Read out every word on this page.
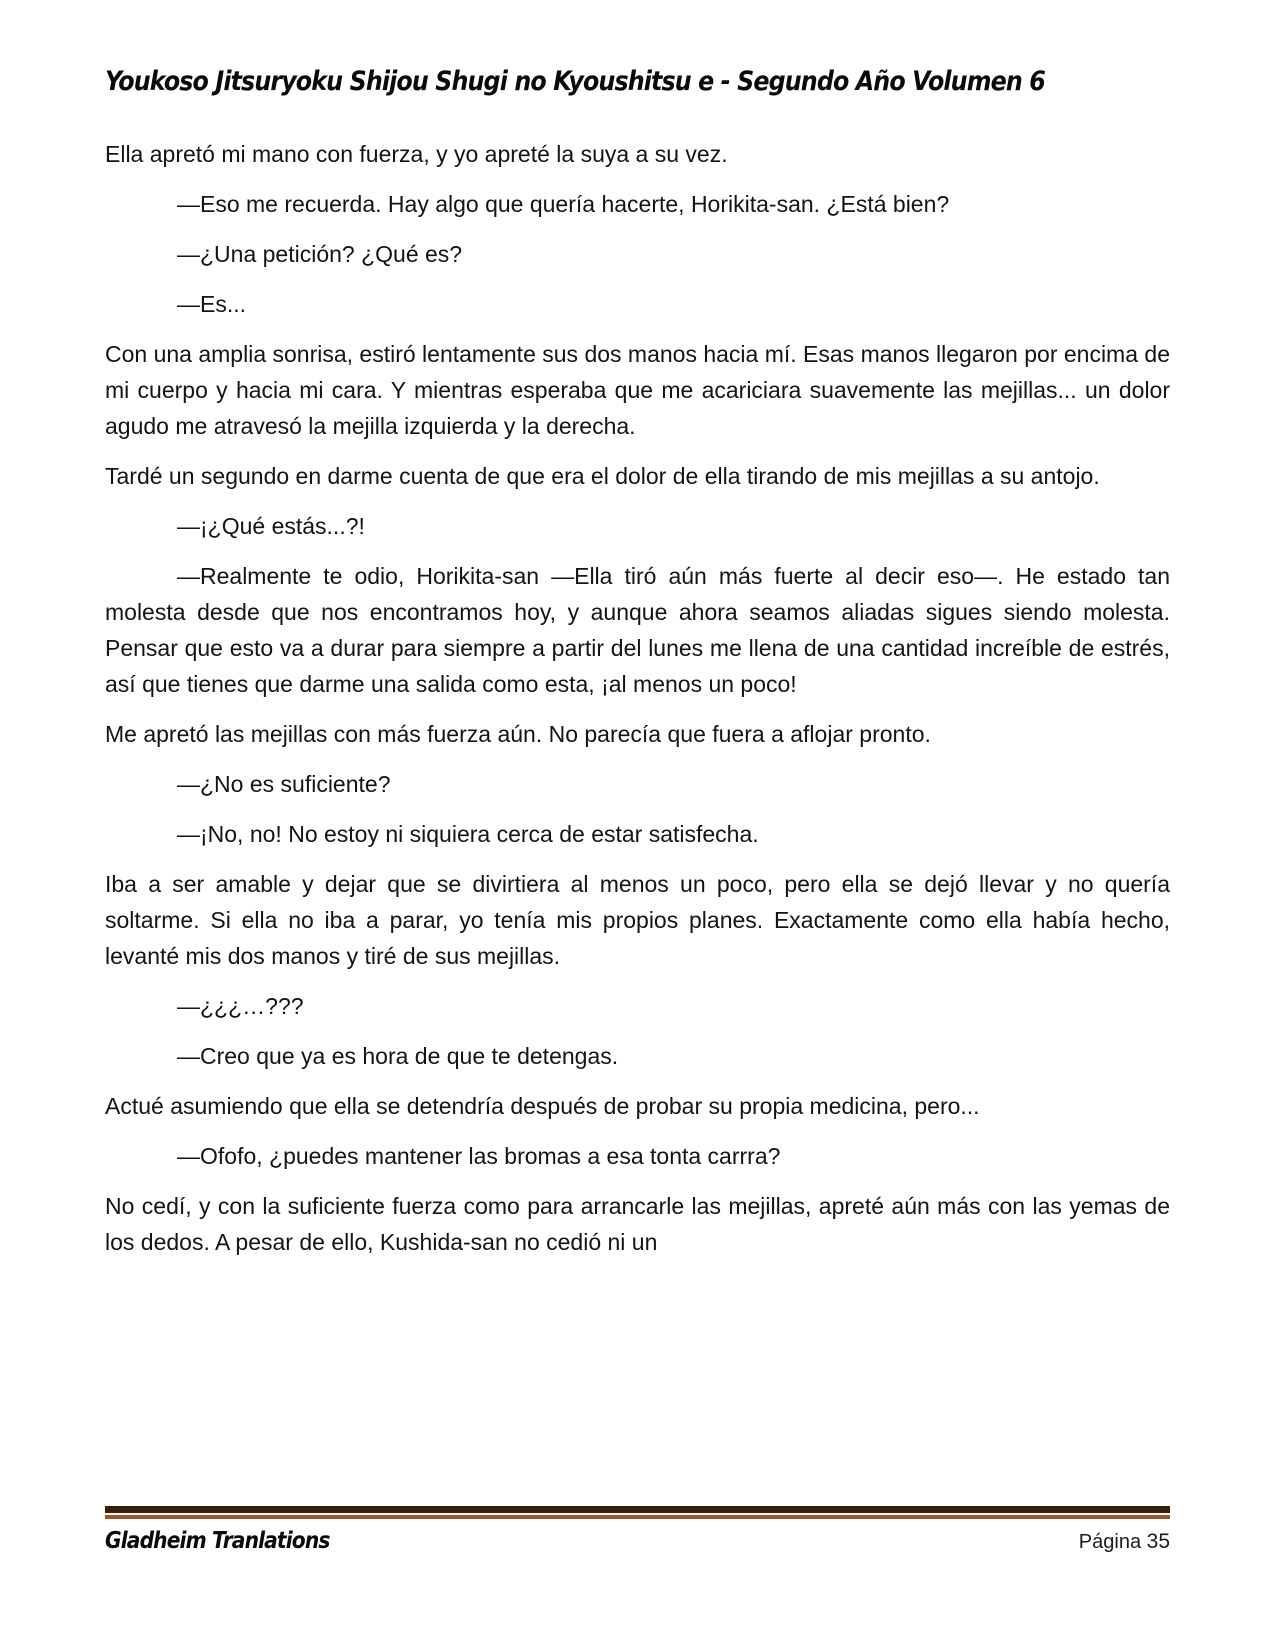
Youkoso Jitsuryoku Shijou Shugi no Kyoushitsu e - Segundo Año Volumen 6

Ella apretó mi mano con fuerza, y yo apreté la suya a su vez.

—Eso me recuerda. Hay algo que quería hacerte, Horikita-san. ¿Está bien?

—¿Una petición? ¿Qué es?

—Es...

Con una amplia sonrisa, estiró lentamente sus dos manos hacia mí. Esas manos llegaron por encima de mi cuerpo y hacia mi cara. Y mientras esperaba que me acariciara suavemente las mejillas... un dolor agudo me atravesó la mejilla izquierda y la derecha.

Tardé un segundo en darme cuenta de que era el dolor de ella tirando de mis mejillas a su antojo.

—¡¿Qué estás...?!

—Realmente te odio, Horikita-san —Ella tiró aún más fuerte al decir eso—. He estado tan molesta desde que nos encontramos hoy, y aunque ahora seamos aliadas sigues siendo molesta. Pensar que esto va a durar para siempre a partir del lunes me llena de una cantidad increíble de estrés, así que tienes que darme una salida como esta, ¡al menos un poco!

Me apretó las mejillas con más fuerza aún. No parecía que fuera a aflojar pronto.

—¿No es suficiente?

—¡No, no! No estoy ni siquiera cerca de estar satisfecha.

Iba a ser amable y dejar que se divirtiera al menos un poco, pero ella se dejó llevar y no quería soltarme. Si ella no iba a parar, yo tenía mis propios planes. Exactamente como ella había hecho, levanté mis dos manos y tiré de sus mejillas.

—¿¿¿…???

—Creo que ya es hora de que te detengas.

Actué asumiendo que ella se detendría después de probar su propia medicina, pero...

—Ofofo, ¿puedes mantener las bromas a esa tonta carrra?

No cedí, y con la suficiente fuerza como para arrancarle las mejillas, apreté aún más con las yemas de los dedos. A pesar de ello, Kushida-san no cedió ni un

Gladheim Tranlations	Página 35
